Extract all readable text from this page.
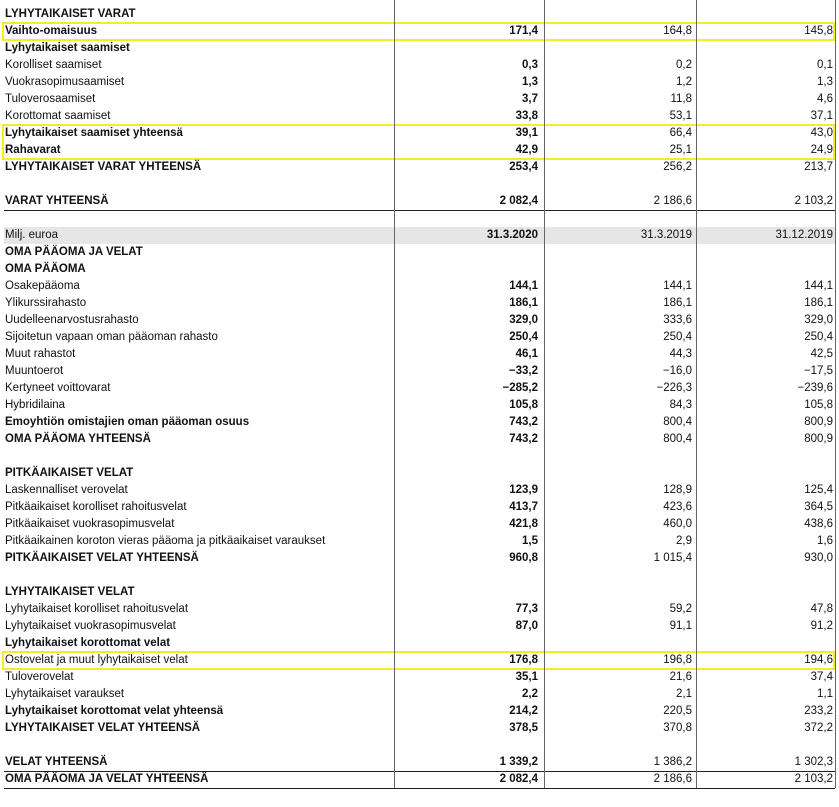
LYHYTAIKAISET VARAT
Vaihto-omaisuus	171,4	164,8	145,8
Lyhytaikaiset saamiset
Korolliset saamiset	0,3	0,2	0,1
Vuokrasopimusaamiset	1,3	1,2	1,3
Tuloverosaamiset	3,7	11,8	4,6
Korottomat saamiset	33,8	53,1	37,1
Lyhytaikaiset saamiset yhteensä	39,1	66,4	43,0
Rahavarat	42,9	25,1	24,9
LYHYTAIKAISET VARAT YHTEENSÄ	253,4	256,2	213,7
VARAT YHTEENSÄ	2 082,4	2 186,6	2 103,2
Milj. euroa	31.3.2020	31.3.2019	31.12.2019
OMA PÄÄOMA JA VELAT
OMA PÄÄOMA
Osakepääoma	144,1	144,1	144,1
Ylikurssirahasto	186,1	186,1	186,1
Uudelleenarvostusrahasto	329,0	333,6	329,0
Sijoitetun vapaan oman pääoman rahasto	250,4	250,4	250,4
Muut rahastot	46,1	44,3	42,5
Muuntoerot	−33,2	−16,0	−17,5
Kertyneet voittovarat	−285,2	−226,3	−239,6
Hybridilaina	105,8	84,3	105,8
Emoyhtiön omistajien oman pääoman osuus	743,2	800,4	800,9
OMA PÄÄOMA YHTEENSÄ	743,2	800,4	800,9
PITKÄAIKAISET VELAT
Laskennalliset verovelat	123,9	128,9	125,4
Pitkäaikaiset korolliset rahoitusvelat	413,7	423,6	364,5
Pitkäaikaiset vuokrasopimusvelat	421,8	460,0	438,6
Pitkäaikainen koroton vieras pääoma ja pitkäaikaiset varaukset	1,5	2,9	1,6
PITKÄAIKAISET VELAT YHTEENSÄ	960,8	1 015,4	930,0
LYHYTAIKAISET VELAT
Lyhytaikaiset korolliset rahoitusvelat	77,3	59,2	47,8
Lyhytaikaiset vuokrasopimusvelat	87,0	91,1	91,2
Lyhytaikaiset korottomat velat
Ostovelat ja muut lyhytaikaiset velat	176,8	196,8	194,6
Tuloverovelat	35,1	21,6	37,4
Lyhytaikaiset varaukset	2,2	2,1	1,1
Lyhytaikaiset korottomat velat yhteensä	214,2	220,5	233,2
LYHYTAIKAISET VELAT YHTEENSÄ	378,5	370,8	372,2
VELAT YHTEENSÄ	1 339,2	1 386,2	1 302,3
OMA PÄÄOMA JA VELAT YHTEENSÄ	2 082,4	2 186,6	2 103,2
